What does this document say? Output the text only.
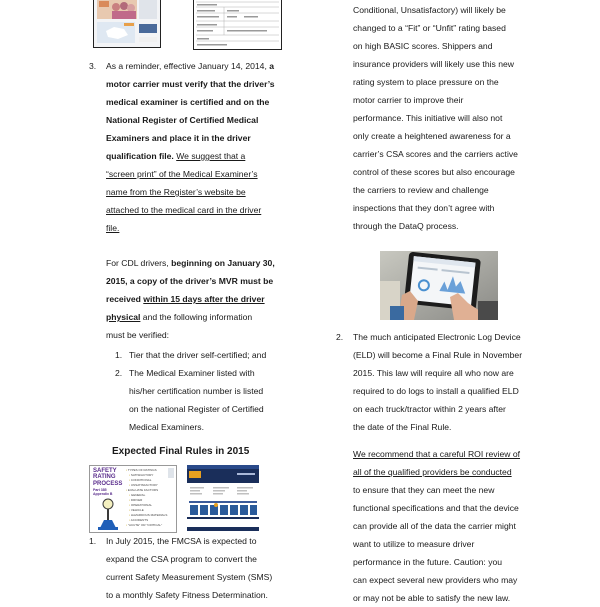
3. As a reminder, effective January 14, 2014, a
motor carrier must verify that the driver’s
medical examiner is certified and on the
National Register of Certified Medical
Examiners and place it in the driver
qualification file. We suggest that a
“screen print” of the Medical Examiner’s
name from the Register’s website be
attached to the medical card in the driver
file.
For CDL drivers, beginning on January 30,
2015, a copy of the driver’s MVR must be
received within 15 days after the driver
physical and the following information
must be verified:
1. Tier that the driver self-certified; and
2. The Medical Examiner listed with
his/her certification number is listed
on the national Register of Certified
Medical Examiners.
Expected Final Rules in 2015
SAFETY
RATING
PROCESS
Part 385
Appendix B
▪ TYPES OF RATINGS
▪ SATISFACTORY
▪ CONDITIONAL
▪ UNSATISFACTORY
▪ EVALUATE FACTORS
▪ GENERAL
▪ DRIVER
▪ OPERATIONAL
▪ VEHICLE
▪ HAZARDOUS MATERIALS
▪ ACCIDENTS
▪ "ACUTE" OR "CRITICAL"
1. In July 2015, the FMCSA is expected to
expand the CSA program to convert the
current Safety Measurement System (SMS)
to a monthly Safety Fitness Determination.
Conditional, Unsatisfactory) will likely be
changed to a “Fit” or “Unfit” rating based
on high BASIC scores. Shippers and
insurance providers will likely use this new
rating system to place pressure on the
motor carrier to improve their
performance. This initiative will also not
only create a heightened awareness for a
carrier’s CSA scores and the carriers active
control of these scores but also encourage
the carriers to review and challenge
inspections that they don’t agree with
through the DataQ process.
2. The much anticipated Electronic Log Device
(ELD) will become a Final Rule in November
2015. This law will require all who now are
required to do logs to install a qualified ELD
on each truck/tractor within 2 years after
the date of the Final Rule.
We recommend that a careful ROI review of
all of the qualified providers be conducted
to ensure that they can meet the new
functional specifications and that the device
can provide all of the data the carrier might
want to utilize to measure driver
performance in the future. Caution: you
can expect several new providers who may
or may not be able to satisfy the new law.
